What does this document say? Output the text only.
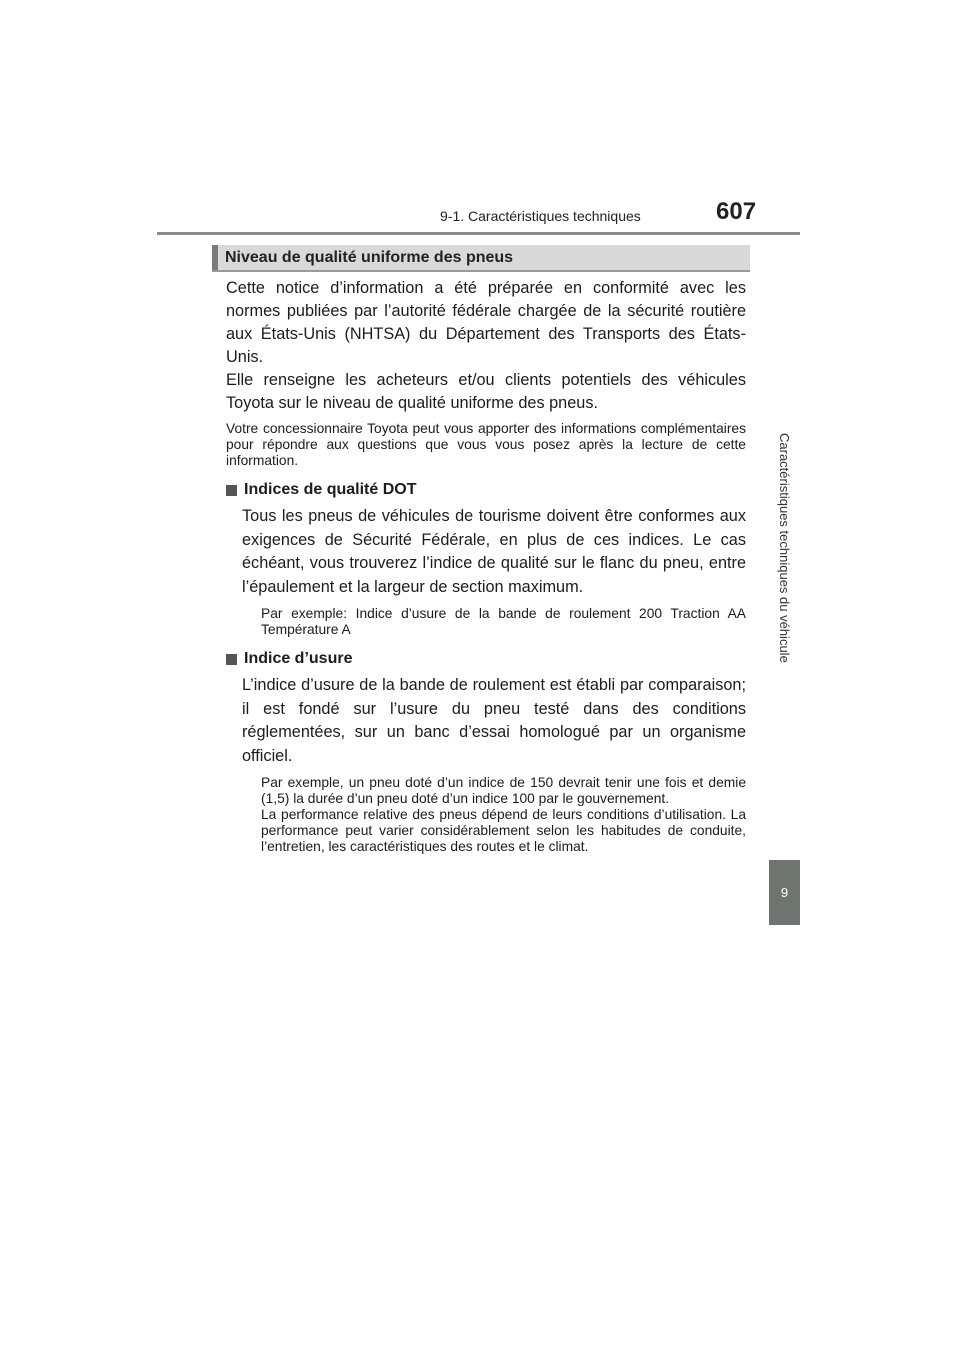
9-1. Caractéristiques techniques	607
Caractéristiques techniques du véhicule
9
Niveau de qualité uniforme des pneus

Cette notice d’information a été préparée en conformité avec les normes publiées par l’autorité fédérale chargée de la sécurité routière aux États-Unis (NHTSA) du Département des Transports des États-Unis.

Elle renseigne les acheteurs et/ou clients potentiels des véhicules Toyota sur le niveau de qualité uniforme des pneus.

Votre concessionnaire Toyota peut vous apporter des informations complémentaires pour répondre aux questions que vous vous posez après la lecture de cette information.

Indices de qualité DOT

Tous les pneus de véhicules de tourisme doivent être conformes aux exigences de Sécurité Fédérale, en plus de ces indices. Le cas échéant, vous trouverez l’indice de qualité sur le flanc du pneu, entre l’épaulement et la largeur de section maximum.

Par exemple: Indice d’usure de la bande de roulement 200 Traction AA Température A

Indice d’usure

L’indice d’usure de la bande de roulement est établi par comparaison; il est fondé sur l’usure du pneu testé dans des conditions réglementées, sur un banc d’essai homologué par un organisme officiel.

Par exemple, un pneu doté d’un indice de 150 devrait tenir une fois et demie (1,5) la durée d’un pneu doté d’un indice 100 par le gouvernement.

La performance relative des pneus dépend de leurs conditions d’utilisation. La performance peut varier considérablement selon les habitudes de conduite, l’entretien, les caractéristiques des routes et le climat.
